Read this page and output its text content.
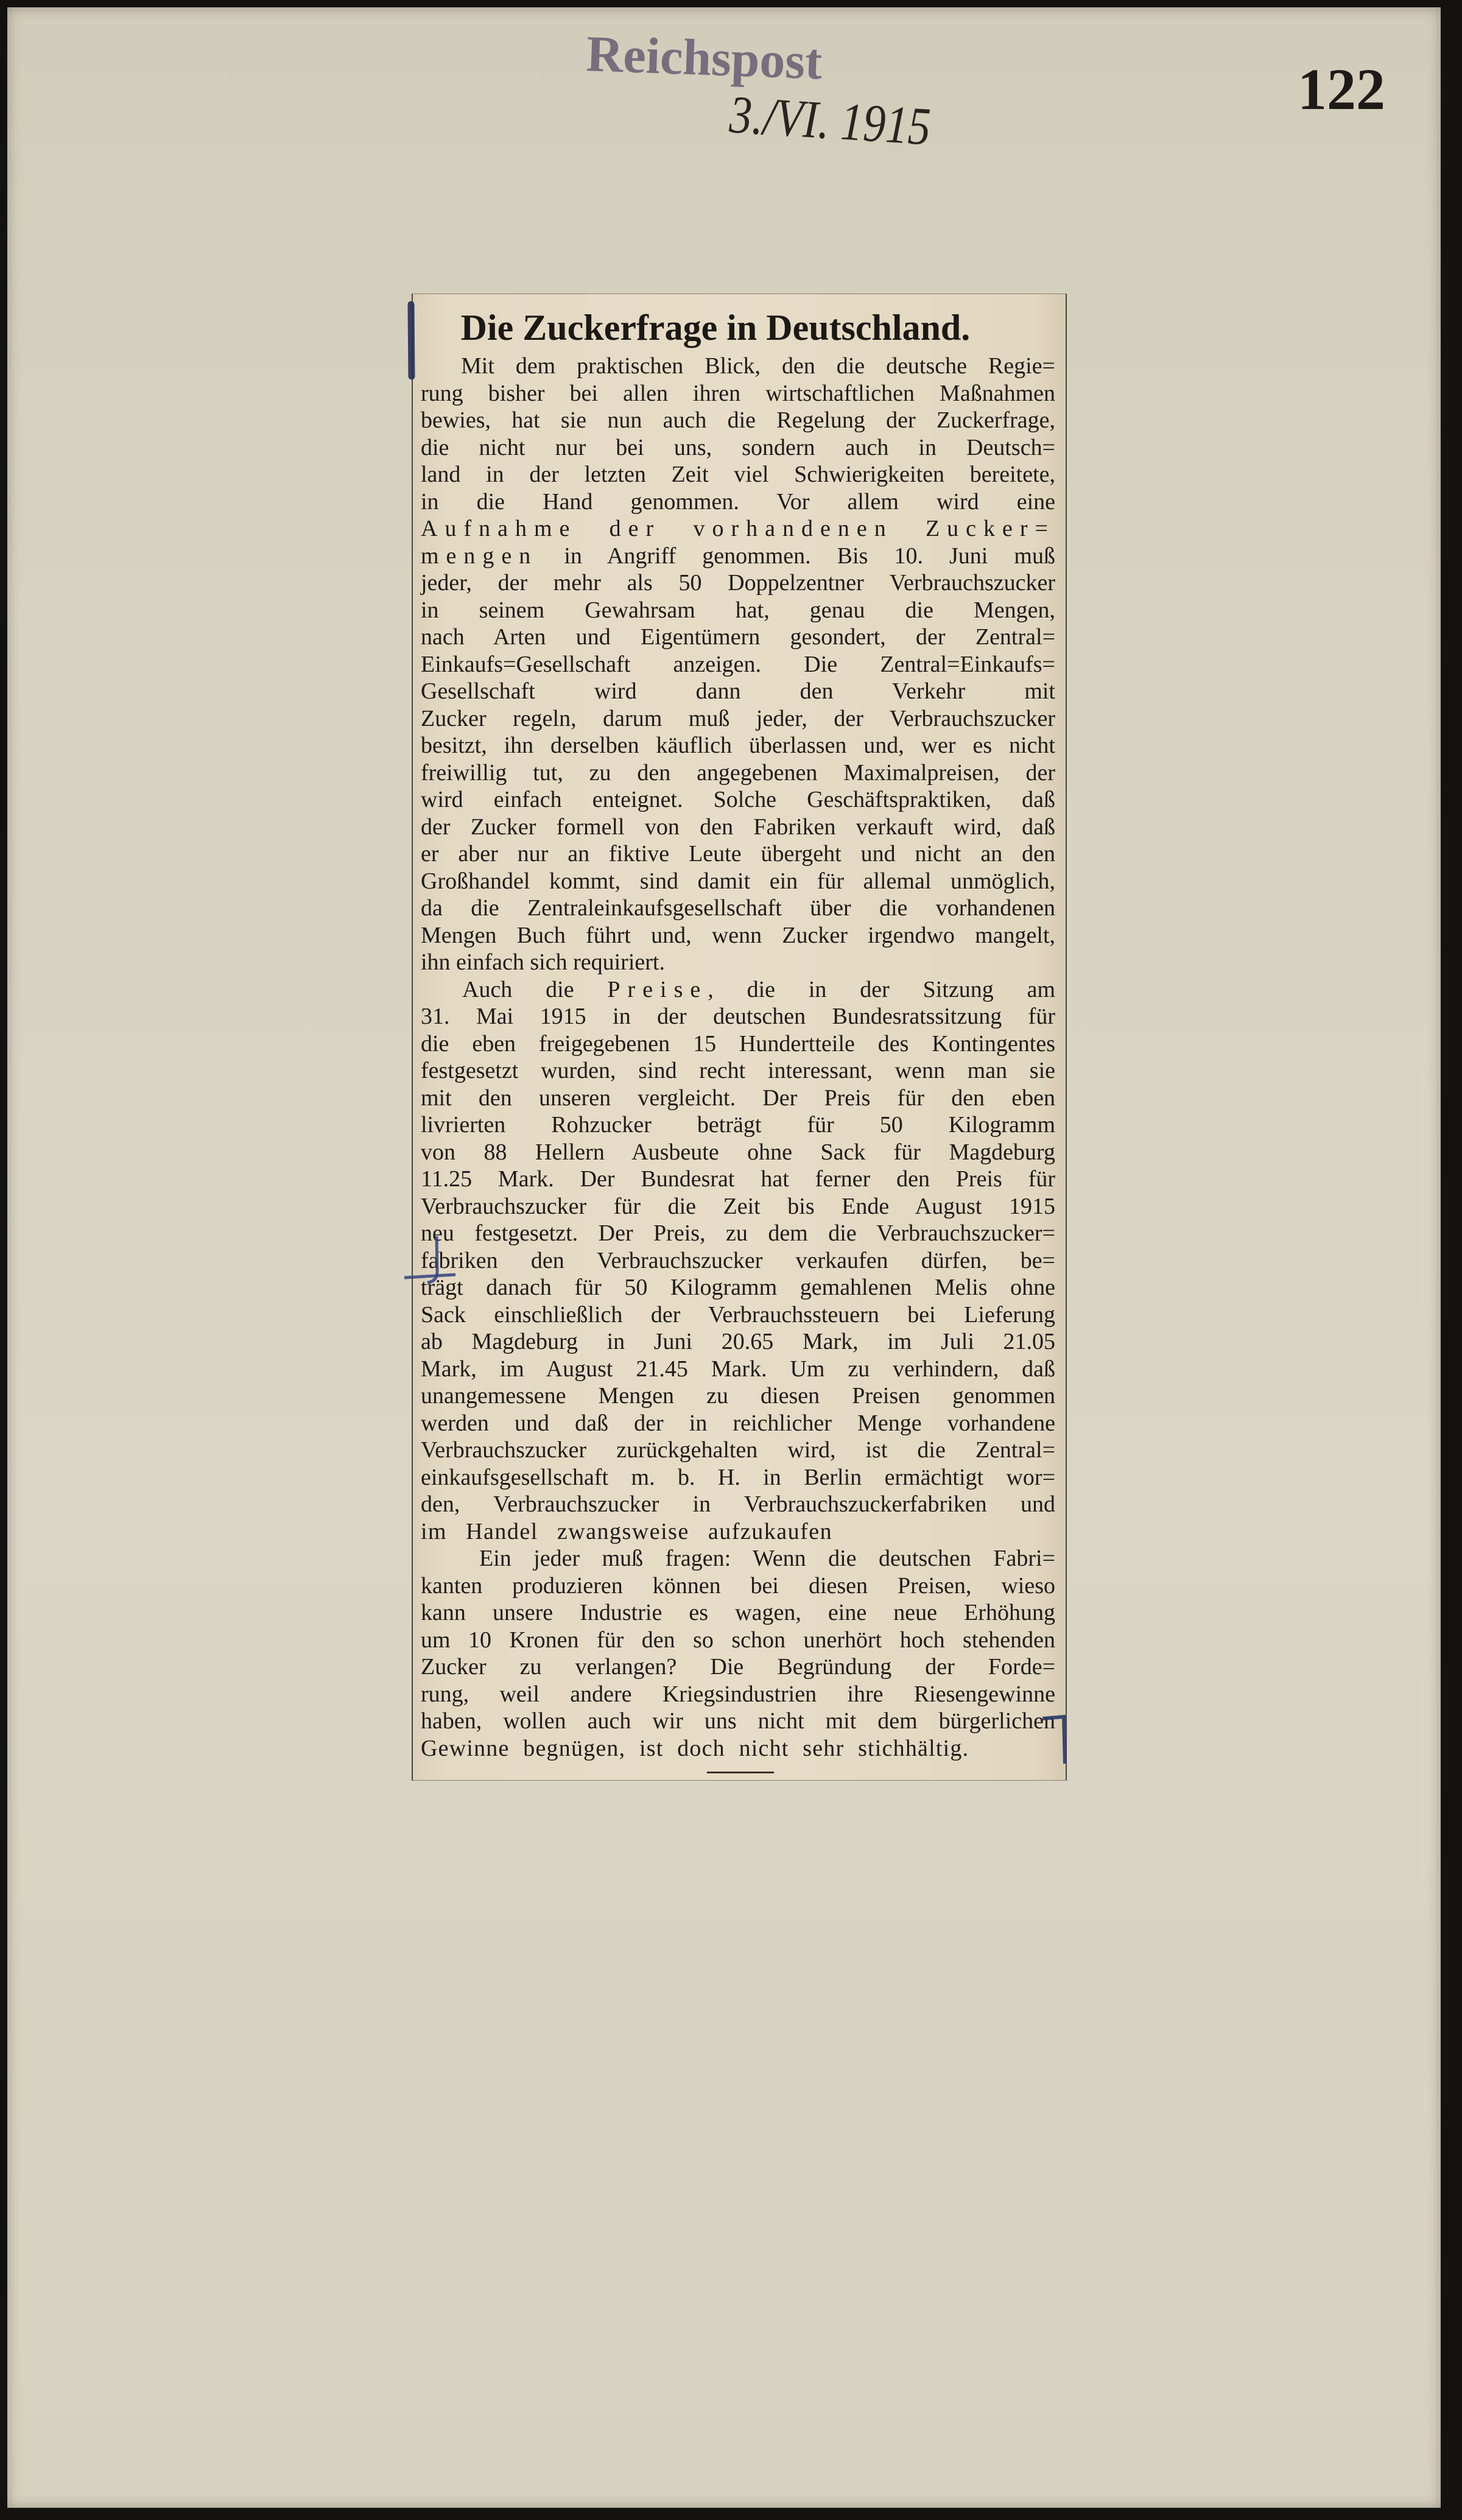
Reichspost
3./VI. 1915	122
Die Zuckerfrage in Deutschland.
Mit dem praktischen Blick, den die deutsche Regie=
rung bisher bei allen ihren wirtschaftlichen Maßnahmen
bewies, hat sie nun auch die Regelung der Zuckerfrage,
die nicht nur bei uns, sondern auch in Deutsch=
land in der letzten Zeit viel Schwierigkeiten bereitete,
in die Hand genommen. Vor allem wird eine
Aufnahme der vorhandenen Zucker=
mengen in Angriff genommen. Bis 10. Juni muß
jeder, der mehr als 50 Doppelzentner Verbrauchszucker
in seinem Gewahrsam hat, genau die Mengen,
nach Arten und Eigentümern gesondert, der Zentral=
Einkaufs=Gesellschaft anzeigen. Die Zentral=Einkaufs=
Gesellschaft wird dann den Verkehr mit
Zucker regeln, darum muß jeder, der Verbrauchszucker
besitzt, ihn derselben käuflich überlassen und, wer es nicht
freiwillig tut, zu den angegebenen Maximalpreisen, der
wird einfach enteignet. Solche Geschäftspraktiken, daß
der Zucker formell von den Fabriken verkauft wird, daß
er aber nur an fiktive Leute übergeht und nicht an den
Großhandel kommt, sind damit ein für allemal unmöglich,
da die Zentraleinkaufsgesellschaft über die vorhandenen
Mengen Buch führt und, wenn Zucker irgendwo mangelt,
ihn einfach sich requiriert.
Auch die Preise, die in der Sitzung am
31. Mai 1915 in der deutschen Bundesratssitzung für
die eben freigegebenen 15 Hundertteile des Kontingentes
festgesetzt wurden, sind recht interessant, wenn man sie
mit den unseren vergleicht. Der Preis für den eben
livrierten Rohzucker beträgt für 50 Kilogramm
von 88 Hellern Ausbeute ohne Sack für Magdeburg
11.25 Mark. Der Bundesrat hat ferner den Preis für
Verbrauchszucker für die Zeit bis Ende August 1915
neu festgesetzt. Der Preis, zu dem die Verbrauchszucker=
fabriken den Verbrauchszucker verkaufen dürfen, be=
trägt danach für 50 Kilogramm gemahlenen Melis ohne
Sack einschließlich der Verbrauchssteuern bei Lieferung
ab Magdeburg in Juni 20.65 Mark, im Juli 21.05
Mark, im August 21.45 Mark. Um zu verhindern, daß
unangemessene Mengen zu diesen Preisen genommen
werden und daß der in reichlicher Menge vorhandene
Verbrauchszucker zurückgehalten wird, ist die Zentral=
einkaufsgesellschaft m. b. H. in Berlin ermächtigt wor=
den, Verbrauchszucker in Verbrauchszuckerfabriken und
im Handel zwangsweise aufzukaufen
Ein jeder muß fragen: Wenn die deutschen Fabri=
kanten produzieren können bei diesen Preisen, wieso
kann unsere Industrie es wagen, eine neue Erhöhung
um 10 Kronen für den so schon unerhört hoch stehenden
Zucker zu verlangen? Die Begründung der Forde=
rung, weil andere Kriegsindustrien ihre Riesengewinne
haben, wollen auch wir uns nicht mit dem bürgerlichen
Gewinne begnügen, ist doch nicht sehr stichhältig.
